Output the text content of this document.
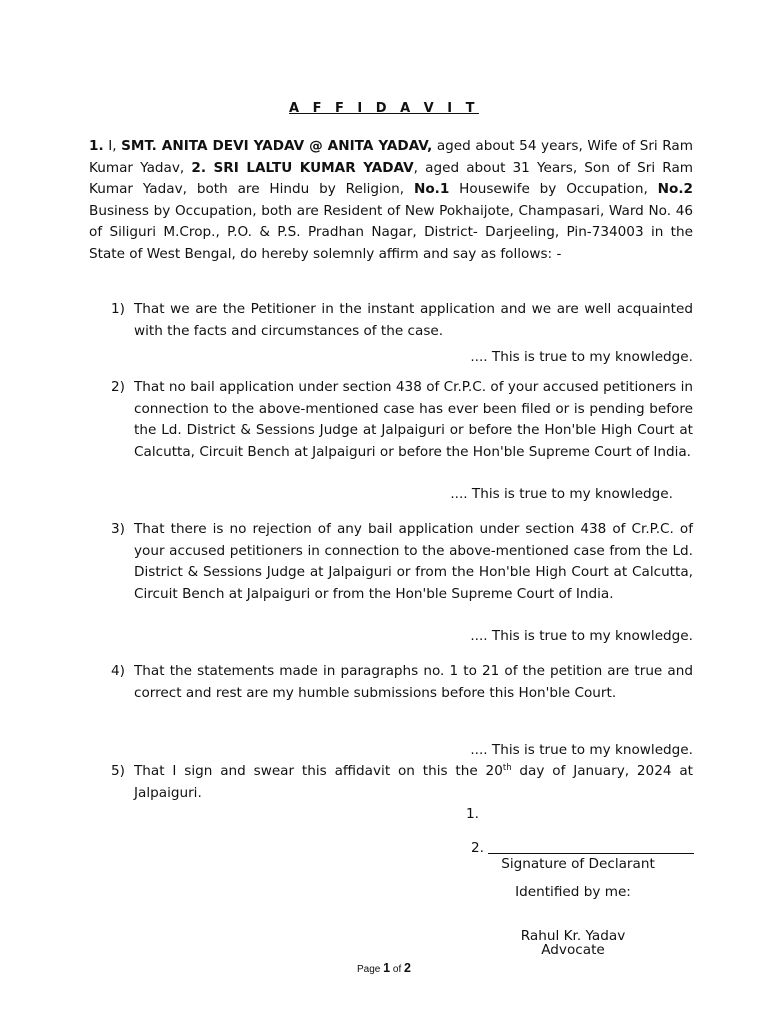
A F F I D A V I T
1. I, SMT. ANITA DEVI YADAV @ ANITA YADAV, aged about 54 years, Wife of Sri Ram Kumar Yadav, 2. SRI LALTU KUMAR YADAV, aged about 31 Years, Son of Sri Ram Kumar Yadav, both are Hindu by Religion, No.1 Housewife by Occupation, No.2 Business by Occupation, both are Resident of New Pokhaijote, Champasari, Ward No. 46 of Siliguri M.Crop., P.O. & P.S. Pradhan Nagar, District- Darjeeling, Pin-734003 in the State of West Bengal, do hereby solemnly affirm and say as follows: -
1) That we are the Petitioner in the instant application and we are well acquainted with the facts and circumstances of the case.
.... This is true to my knowledge.
2) That no bail application under section 438 of Cr.P.C. of your accused petitioners in connection to the above-mentioned case has ever been filed or is pending before the Ld. District & Sessions Judge at Jalpaiguri or before the Hon'ble High Court at Calcutta, Circuit Bench at Jalpaiguri or before the Hon'ble Supreme Court of India.
.... This is true to my knowledge.
3) That there is no rejection of any bail application under section 438 of Cr.P.C. of your accused petitioners in connection to the above-mentioned case from the Ld. District & Sessions Judge at Jalpaiguri or from the Hon'ble High Court at Calcutta, Circuit Bench at Jalpaiguri or from the Hon'ble Supreme Court of India.
.... This is true to my knowledge.
4) That the statements made in paragraphs no. 1 to 21 of the petition are true and correct and rest are my humble submissions before this Hon'ble Court.
.... This is true to my knowledge.
5) That I sign and swear this affidavit on this the 20th day of January, 2024 at Jalpaiguri.
1.
2.
Signature of Declarant
Identified by me:
Rahul Kr. Yadav
Advocate
Page 1 of 2
